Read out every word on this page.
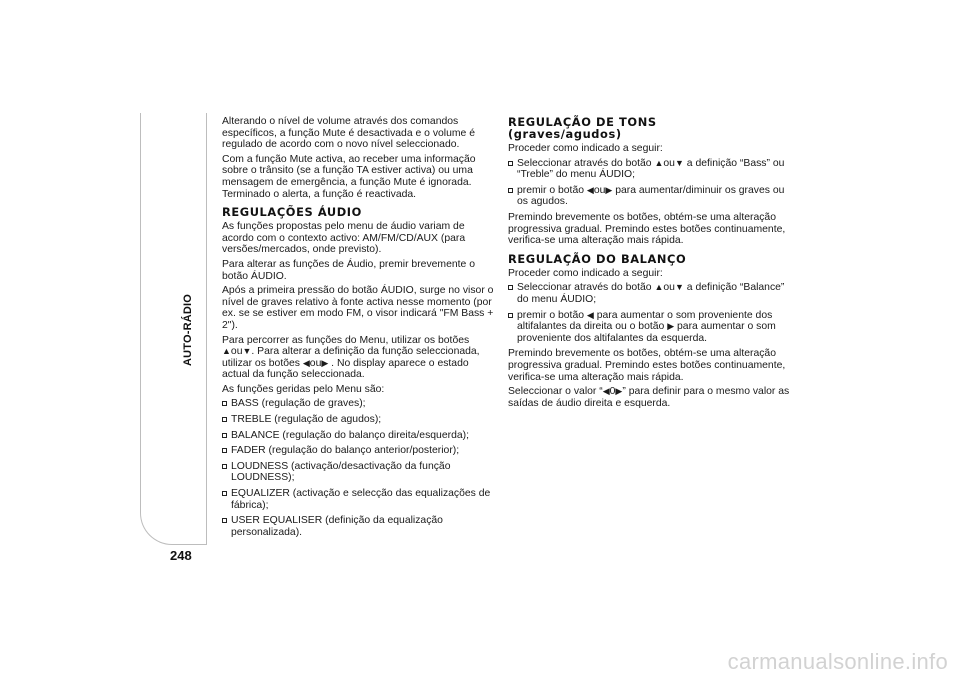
AUTO-RÁDIO
248

Alterando o nível de volume através dos comandos específicos, a função Mute é desactivada e o volume é regulado de acordo com o novo nível seleccionado.

Com a função Mute activa, ao receber uma informação sobre o trânsito (se a função TA estiver activa) ou uma mensagem de emergência, a função Mute é ignorada. Terminado o alerta, a função é reactivada.

REGULAÇÕES ÁUDIO

As funções propostas pelo menu de áudio variam de acordo com o contexto activo: AM/FM/CD/AUX (para versões/mercados, onde previsto).

Para alterar as funções de Áudio, premir brevemente o botão ÁUDIO.

Após a primeira pressão do botão ÁUDIO, surge no visor o nível de graves relativo à fonte activa nesse momento (por ex. se se estiver em modo FM, o visor indicará "FM Bass + 2").

Para percorrer as funções do Menu, utilizar os botões ▲ou▼. Para alterar a definição da função seleccionada, utilizar os botões ◀ou▶ . No display aparece o estado actual da função seleccionada.

As funções geridas pelo Menu são:

BASS (regulação de graves);
TREBLE (regulação de agudos);
BALANCE (regulação do balanço direita/esquerda);
FADER (regulação do balanço anterior/posterior);
LOUDNESS (activação/desactivação da função LOUDNESS);
EQUALIZER (activação e selecção das equalizações de fábrica);
USER EQUALISER (definição da equalização personalizada).
REGULAÇÃO DE TONS
(graves/agudos)

Proceder como indicado a seguir:

Seleccionar através do botão ▲ou▼ a definição “Bass” ou “Treble” do menu ÁUDIO;
premir o botão ◀ou▶ para aumentar/diminuir os graves ou os agudos.

Premindo brevemente os botões, obtém-se uma alteração progressiva gradual. Premindo estes botões continuamente, verifica-se uma alteração mais rápida.

REGULAÇÃO DO BALANÇO

Proceder como indicado a seguir:

Seleccionar através do botão ▲ou▼ a definição “Balance” do menu ÁUDIO;
premir o botão ◀ para aumentar o som proveniente dos altifalantes da direita ou o botão ▶ para aumentar o som proveniente dos altifalantes da esquerda.

Premindo brevemente os botões, obtém-se uma alteração progressiva gradual. Premindo estes botões continuamente, verifica-se uma alteração mais rápida.

Seleccionar o valor “◀0▶” para definir para o mesmo valor as saídas de áudio direita e esquerda.

carmanualsonline.info
